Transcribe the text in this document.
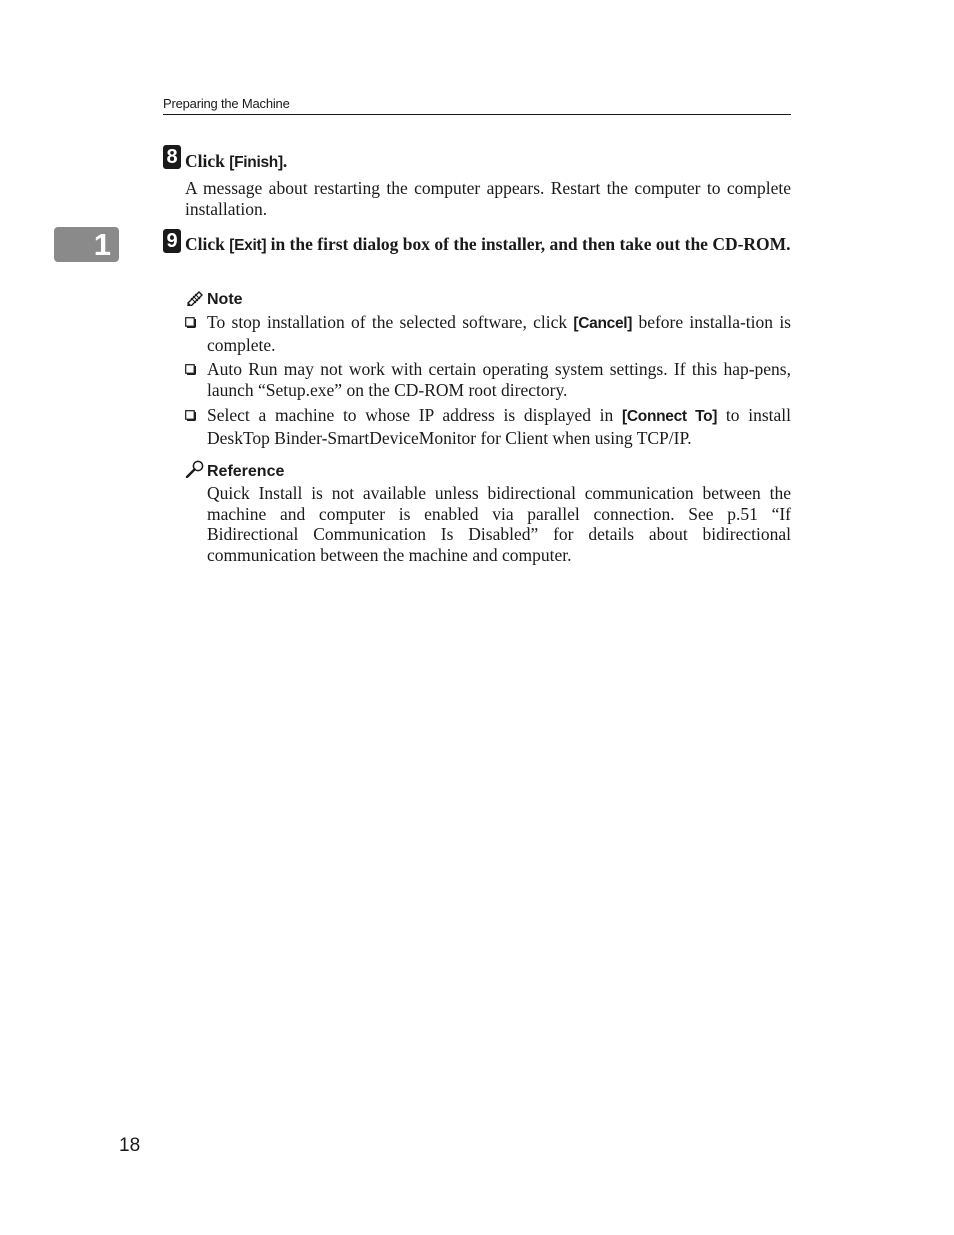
Preparing the Machine
1
8 Click [Finish].
A message about restarting the computer appears. Restart the computer to complete installation.
9 Click [Exit] in the first dialog box of the installer, and then take out the CD-ROM.
Note
To stop installation of the selected software, click [Cancel] before installa-tion is complete.
Auto Run may not work with certain operating system settings. If this hap-pens, launch “Setup.exe” on the CD-ROM root directory.
Select a machine to whose IP address is displayed in [Connect To] to install DeskTop Binder-SmartDeviceMonitor for Client when using TCP/IP.
Reference
Quick Install is not available unless bidirectional communication between the machine and computer is enabled via parallel connection. See p.51 “If Bidirectional Communication Is Disabled” for details about bidirectional communication between the machine and computer.
18
